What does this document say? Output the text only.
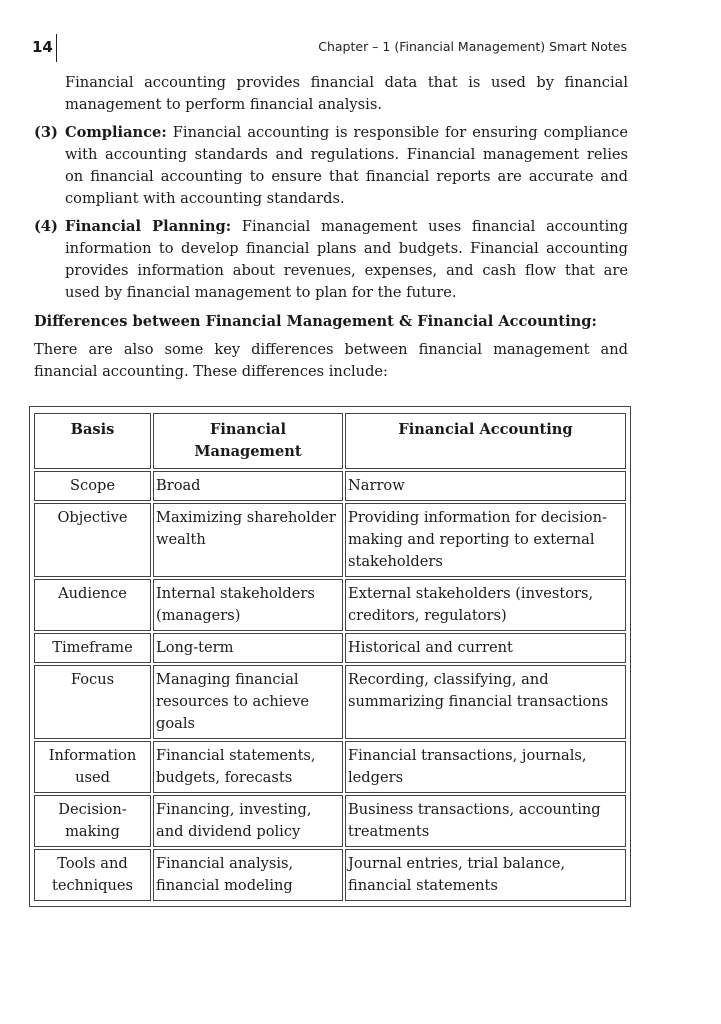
14	Chapter – 1 (Financial Management) Smart Notes

Financial accounting provides financial data that is used by financial management to perform financial analysis.

(3) Compliance: Financial accounting is responsible for ensuring compliance with accounting standards and regulations. Financial management relies on financial accounting to ensure that financial reports are accurate and compliant with accounting standards.
(4) Financial Planning: Financial management uses financial accounting information to develop financial plans and budgets. Financial accounting provides information about revenues, expenses, and cash flow that are used by financial management to plan for the future.

Differences between Financial Management & Financial Accounting:

There are also some key differences between financial management and financial accounting. These differences include:

Basis	Financial Management	Financial Accounting
Scope	Broad	Narrow
Objective	Maximizing shareholder wealth	Providing information for decision-making and reporting to external stakeholders
Audience	Internal stakeholders (managers)	External stakeholders (investors, creditors, regulators)
Timeframe	Long-term	Historical and current
Focus	Managing financial resources to achieve goals	Recording, classifying, and summarizing financial transactions
Information used	Financial statements, budgets, forecasts	Financial transactions, journals, ledgers
Decision-making	Financing, investing, and dividend policy	Business transactions, accounting treatments
Tools and techniques	Financial analysis, financial modeling	Journal entries, trial balance, financial statements
